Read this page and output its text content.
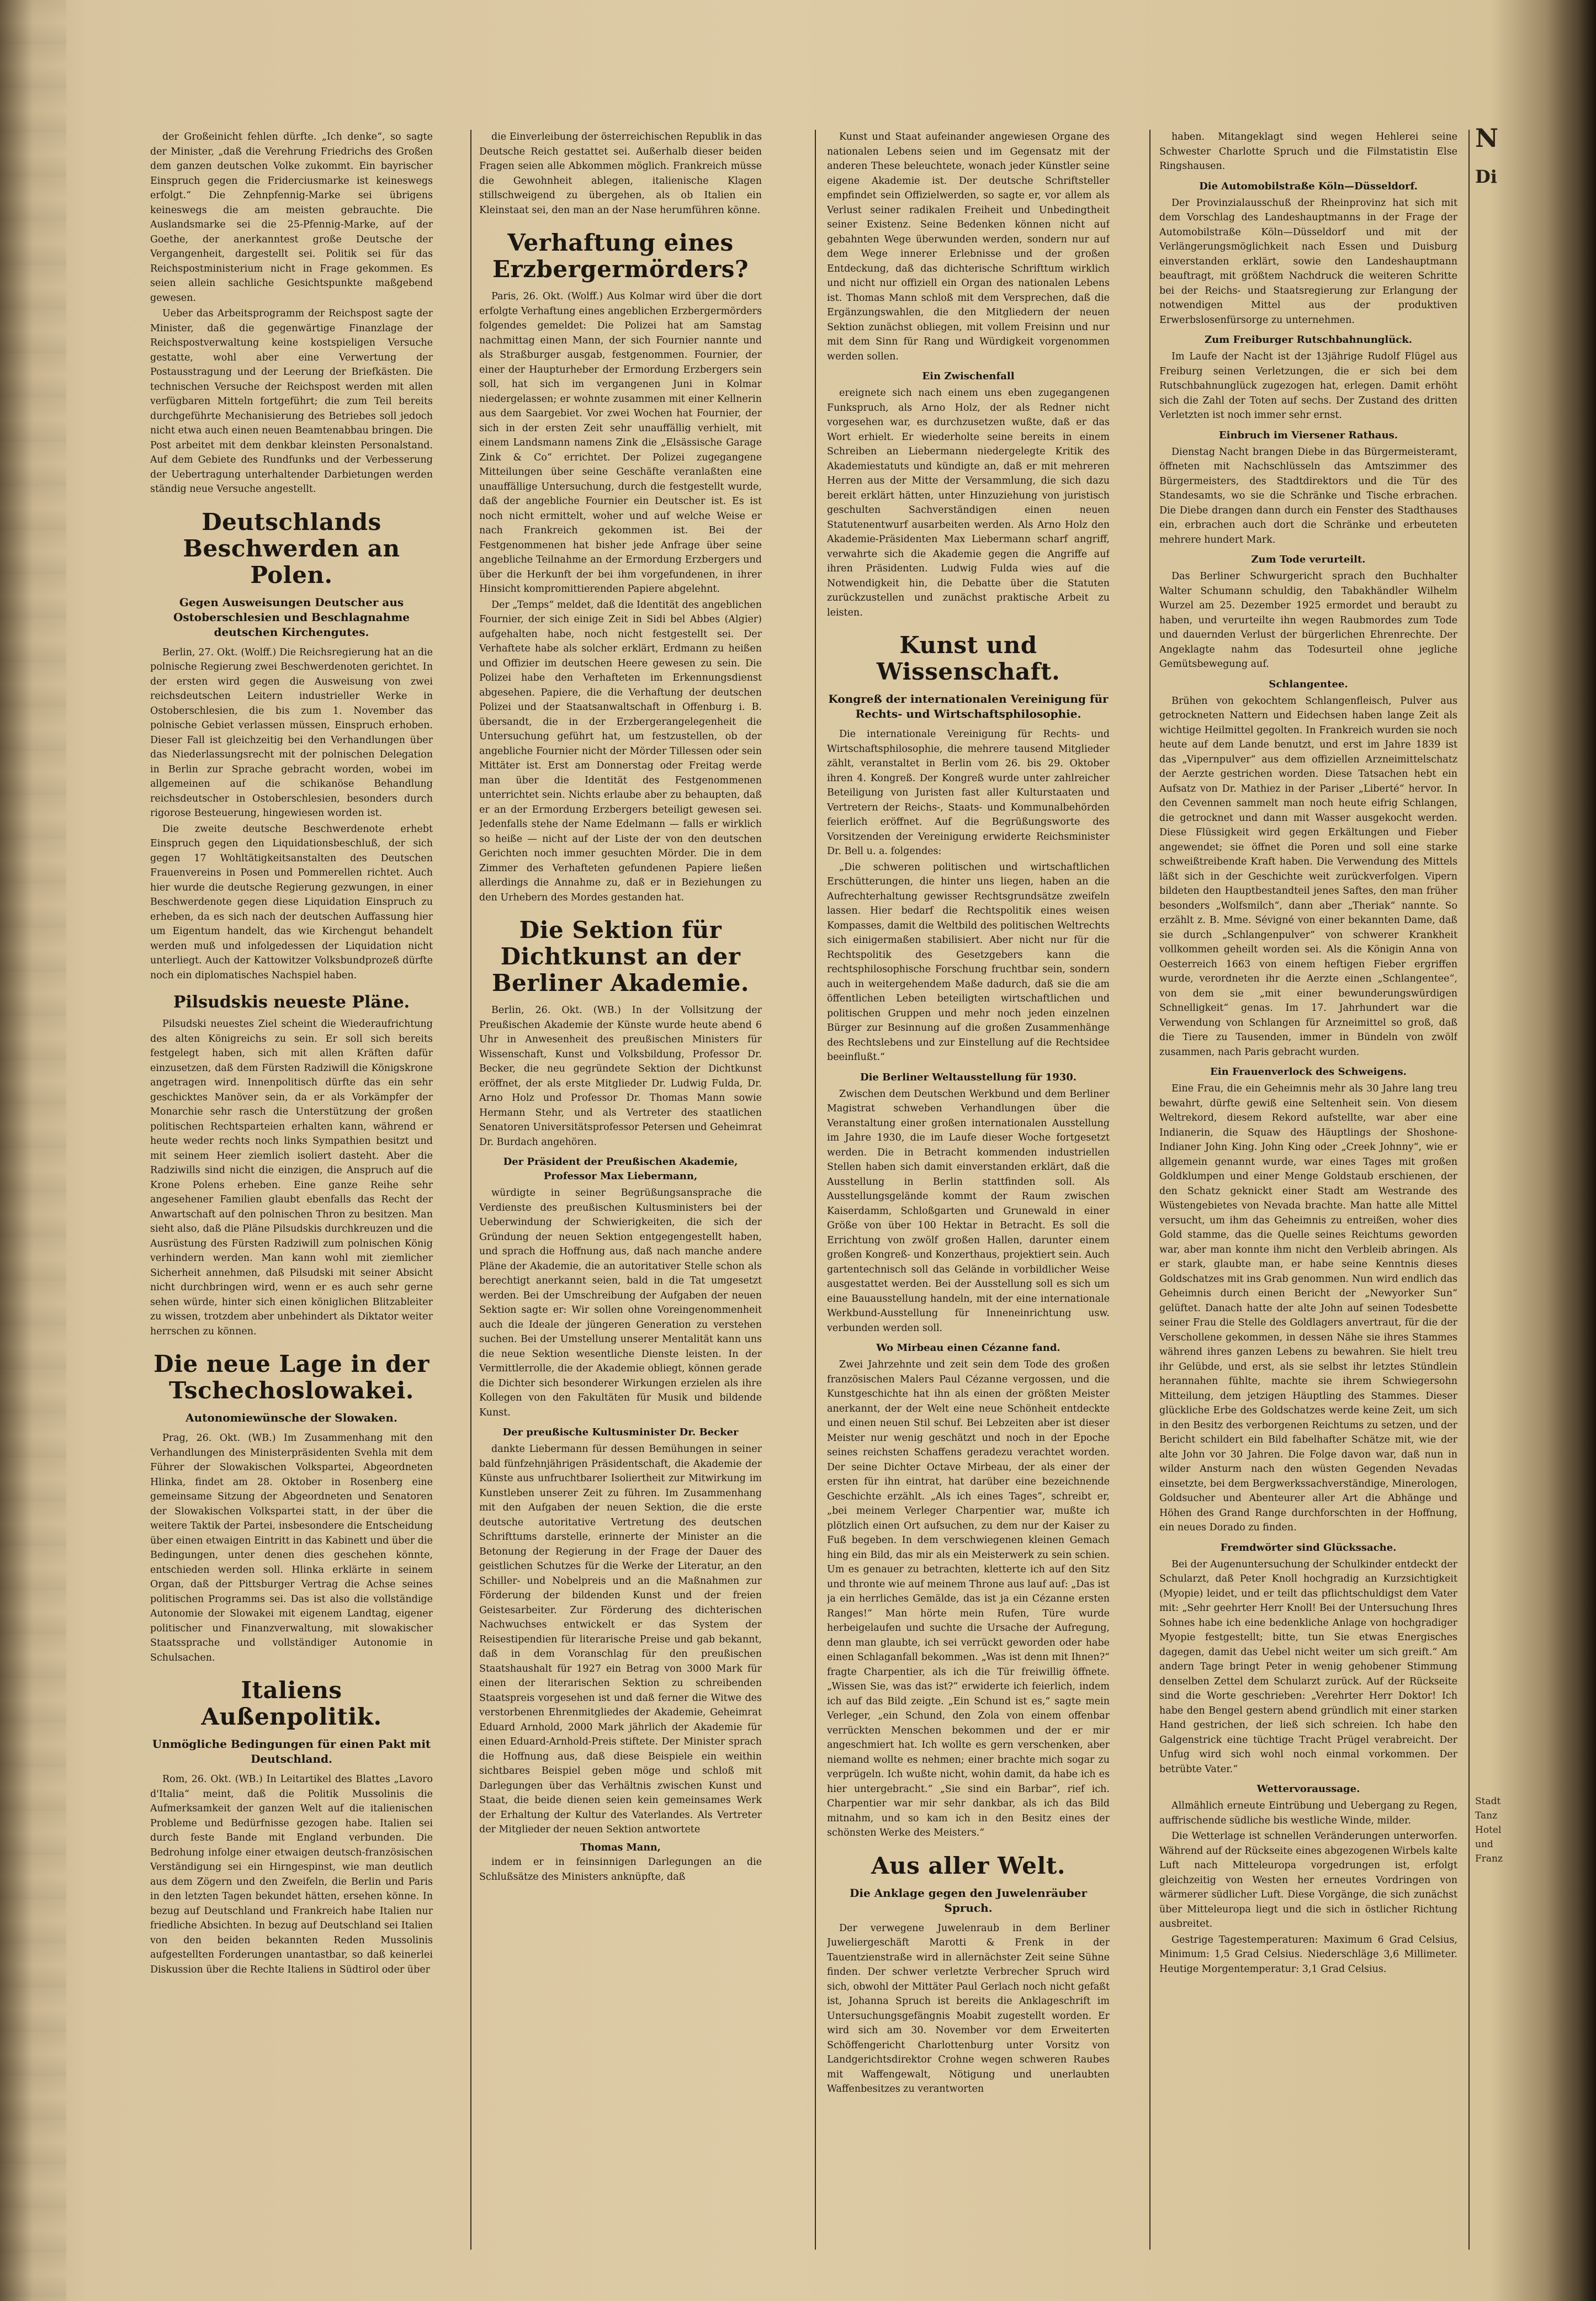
der Großeinicht fehlen dürfte. „Ich denke“, so sagte der Minister, „daß die Verehrung Friedrichs des Großen dem ganzen deutschen Volke zukommt. Ein bayrischer Einspruch gegen die Friderciusmarke ist keineswegs erfolgt.“ Die Zehnpfennig-Marke sei übrigens keineswegs die am meisten gebrauchte. Die Auslandsmarke sei die 25-Pfennig-Marke, auf der Goethe, der anerkanntest große Deutsche der Vergangenheit, dargestellt sei. Politik sei für das Reichspostministerium nicht in Frage gekommen. Es seien allein sachliche Gesichtspunkte maßgebend gewesen.

Ueber das Arbeitsprogramm der Reichspost sagte der Minister, daß die gegenwärtige Finanzlage der Reichspostverwaltung keine kostspieligen Versuche gestatte, wohl aber eine Verwertung der Postausstragung und der Leerung der Briefkästen. Die technischen Versuche der Reichspost werden mit allen verfügbaren Mitteln fortgeführt; die zum Teil bereits durchgeführte Mechanisierung des Betriebes soll jedoch nicht etwa auch einen neuen Beamtenabbau bringen. Die Post arbeitet mit dem denkbar kleinsten Personalstand. Auf dem Gebiete des Rundfunks und der Verbesserung der Uebertragung unterhaltender Darbietungen werden ständig neue Versuche angestellt.

Deutschlands Beschwerden an Polen.
Gegen Ausweisungen Deutscher aus Ostoberschlesien und Beschlagnahme deutschen Kirchengutes.

Berlin, 27. Okt. (Wolff.) Die Reichsregierung hat an die polnische Regierung zwei Beschwerdenoten gerichtet. In der ersten wird gegen die Ausweisung von zwei reichsdeutschen Leitern industrieller Werke in Ostoberschlesien, die bis zum 1. November das polnische Gebiet verlassen müssen, Einspruch erhoben. Dieser Fall ist gleichzeitig bei den Verhandlungen über das Niederlassungsrecht mit der polnischen Delegation in Berlin zur Sprache gebracht worden, wobei im allgemeinen auf die schikanöse Behandlung reichsdeutscher in Ostoberschlesien, besonders durch rigorose Besteuerung, hingewiesen worden ist.

Die zweite deutsche Beschwerdenote erhebt Einspruch gegen den Liquidationsbeschluß, der sich gegen 17 Wohltätigkeitsanstalten des Deutschen Frauenvereins in Posen und Pommerellen richtet. Auch hier wurde die deutsche Regierung gezwungen, in einer Beschwerdenote gegen diese Liquidation Einspruch zu erheben, da es sich nach der deutschen Auffassung hier um Eigentum handelt, das wie Kirchengut behandelt werden muß und infolgedessen der Liquidation nicht unterliegt. Auch der Kattowitzer Volksbundprozeß dürfte noch ein diplomatisches Nachspiel haben.

Pilsudskis neueste Pläne.

Pilsudski neuestes Ziel scheint die Wiederaufrichtung des alten Königreichs zu sein. Er soll sich bereits festgelegt haben, sich mit allen Kräften dafür einzusetzen, daß dem Fürsten Radziwill die Königskrone angetragen wird. Innenpolitisch dürfte das ein sehr geschicktes Manöver sein, da er als Vorkämpfer der Monarchie sehr rasch die Unterstützung der großen politischen Rechtsparteien erhalten kann, während er heute weder rechts noch links Sympathien besitzt und mit seinem Heer ziemlich isoliert dasteht. Aber die Radziwills sind nicht die einzigen, die Anspruch auf die Krone Polens erheben. Eine ganze Reihe sehr angesehener Familien glaubt ebenfalls das Recht der Anwartschaft auf den polnischen Thron zu besitzen. Man sieht also, daß die Pläne Pilsudskis durchkreuzen und die Ausrüstung des Fürsten Radziwill zum polnischen König verhindern werden. Man kann wohl mit ziemlicher Sicherheit annehmen, daß Pilsudski mit seiner Absicht nicht durchbringen wird, wenn er es auch sehr gerne sehen würde, hinter sich einen königlichen Blitzableiter zu wissen, trotzdem aber unbehindert als Diktator weiter herrschen zu können.

Die neue Lage in der Tschechoslowakei.
Autonomiewünsche der Slowaken.

Prag, 26. Okt. (WB.) Im Zusammenhang mit den Verhandlungen des Ministerpräsidenten Svehla mit dem Führer der Slowakischen Volkspartei, Abgeordneten Hlinka, findet am 28. Oktober in Rosenberg eine gemeinsame Sitzung der Abgeordneten und Senatoren der Slowakischen Volkspartei statt, in der über die weitere Taktik der Partei, insbesondere die Entscheidung über einen etwaigen Eintritt in das Kabinett und über die Bedingungen, unter denen dies geschehen könnte, entschieden werden soll. Hlinka erklärte in seinem Organ, daß der Pittsburger Vertrag die Achse seines politischen Programms sei. Das ist also die vollständige Autonomie der Slowakei mit eigenem Landtag, eigener politischer und Finanzverwaltung, mit slowakischer Staatssprache und vollständiger Autonomie in Schulsachen.

Italiens Außenpolitik.
Unmögliche Bedingungen für einen Pakt mit Deutschland.

Rom, 26. Okt. (WB.) In Leitartikel des Blattes „Lavoro d'Italia“ meint, daß die Politik Mussolinis die Aufmerksamkeit der ganzen Welt auf die italienischen Probleme und Bedürfnisse gezogen habe. Italien sei durch feste Bande mit England verbunden. Die Bedrohung infolge einer etwaigen deutsch-französischen Verständigung sei ein Hirngespinst, wie man deutlich aus dem Zögern und den Zweifeln, die Berlin und Paris in den letzten Tagen bekundet hätten, ersehen könne. In bezug auf Deutschland und Frankreich habe Italien nur friedliche Absichten. In bezug auf Deutschland sei Italien von den beiden bekannten Reden Mussolinis aufgestellten Forderungen unantastbar, so daß keinerlei Diskussion über die Rechte Italiens in Südtirol oder über

die Einverleibung der österreichischen Republik in das Deutsche Reich gestattet sei. Außerhalb dieser beiden Fragen seien alle Abkommen möglich. Frankreich müsse die Gewohnheit ablegen, italienische Klagen stillschweigend zu übergehen, als ob Italien ein Kleinstaat sei, den man an der Nase herumführen könne.

Verhaftung eines Erzbergermörders?

Paris, 26. Okt. (Wolff.) Aus Kolmar wird über die dort erfolgte Verhaftung eines angeblichen Erzbergermörders folgendes gemeldet: Die Polizei hat am Samstag nachmittag einen Mann, der sich Fournier nannte und als Straßburger ausgab, festgenommen. Fournier, der einer der Haupturheber der Ermordung Erzbergers sein soll, hat sich im vergangenen Juni in Kolmar niedergelassen; er wohnte zusammen mit einer Kellnerin aus dem Saargebiet. Vor zwei Wochen hat Fournier, der sich in der ersten Zeit sehr unauffällig verhielt, mit einem Landsmann namens Zink die „Elsässische Garage Zink & Co“ errichtet. Der Polizei zugegangene Mitteilungen über seine Geschäfte veranlaßten eine unauffällige Untersuchung, durch die festgestellt wurde, daß der angebliche Fournier ein Deutscher ist. Es ist noch nicht ermittelt, woher und auf welche Weise er nach Frankreich gekommen ist. Bei der Festgenommenen hat bisher jede Anfrage über seine angebliche Teilnahme an der Ermordung Erzbergers und über die Herkunft der bei ihm vorgefundenen, in ihrer Hinsicht kompromittierenden Papiere abgelehnt.

Der „Temps“ meldet, daß die Identität des angeblichen Fournier, der sich einige Zeit in Sidi bel Abbes (Algier) aufgehalten habe, noch nicht festgestellt sei. Der Verhaftete habe als solcher erklärt, Erdmann zu heißen und Offizier im deutschen Heere gewesen zu sein. Die Polizei habe den Verhafteten im Erkennungsdienst abgesehen. Papiere, die die Verhaftung der deutschen Polizei und der Staatsanwaltschaft in Offenburg i. B. übersandt, die in der Erzbergerangelegenheit die Untersuchung geführt hat, um festzustellen, ob der angebliche Fournier nicht der Mörder Tillessen oder sein Mittäter ist. Erst am Donnerstag oder Freitag werde man über die Identität des Festgenommenen unterrichtet sein. Nichts erlaube aber zu behaupten, daß er an der Ermordung Erzbergers beteiligt gewesen sei. Jedenfalls stehe der Name Edelmann — falls er wirklich so heiße — nicht auf der Liste der von den deutschen Gerichten noch immer gesuchten Mörder. Die in dem Zimmer des Verhafteten gefundenen Papiere ließen allerdings die Annahme zu, daß er in Beziehungen zu den Urhebern des Mordes gestanden hat.

Die Sektion für Dichtkunst an der Berliner Akademie.

Berlin, 26. Okt. (WB.) In der Vollsitzung der Preußischen Akademie der Künste wurde heute abend 6 Uhr in Anwesenheit des preußischen Ministers für Wissenschaft, Kunst und Volksbildung, Professor Dr. Becker, die neu gegründete Sektion der Dichtkunst eröffnet, der als erste Mitglieder Dr. Ludwig Fulda, Dr. Arno Holz und Professor Dr. Thomas Mann sowie Hermann Stehr, und als Vertreter des staatlichen Senatoren Universitätsprofessor Petersen und Geheimrat Dr. Burdach angehören.

Der Präsident der Preußischen Akademie, Professor Max Liebermann,

würdigte in seiner Begrüßungsansprache die Verdienste des preußischen Kultusministers bei der Ueberwindung der Schwierigkeiten, die sich der Gründung der neuen Sektion entgegengestellt haben, und sprach die Hoffnung aus, daß nach manche andere Pläne der Akademie, die an autoritativer Stelle schon als berechtigt anerkannt seien, bald in die Tat umgesetzt werden. Bei der Umschreibung der Aufgaben der neuen Sektion sagte er: Wir sollen ohne Voreingenommenheit auch die Ideale der jüngeren Generation zu verstehen suchen. Bei der Umstellung unserer Mentalität kann uns die neue Sektion wesentliche Dienste leisten. In der Vermittlerrolle, die der Akademie obliegt, können gerade die Dichter sich besonderer Wirkungen erzielen als ihre Kollegen von den Fakultäten für Musik und bildende Kunst.

Der preußische Kultusminister Dr. Becker

dankte Liebermann für dessen Bemühungen in seiner bald fünfzehnjährigen Präsidentschaft, die Akademie der Künste aus unfruchtbarer Isoliertheit zur Mitwirkung im Kunstleben unserer Zeit zu führen. Im Zusammenhang mit den Aufgaben der neuen Sektion, die die erste deutsche autoritative Vertretung des deutschen Schrifttums darstelle, erinnerte der Minister an die Betonung der Regierung in der Frage der Dauer des geistlichen Schutzes für die Werke der Literatur, an den Schiller- und Nobelpreis und an die Maßnahmen zur Förderung der bildenden Kunst und der freien Geistesarbeiter. Zur Förderung des dichterischen Nachwuchses entwickelt er das System der Reisestipendien für literarische Preise und gab bekannt, daß in dem Voranschlag für den preußischen Staatshaushalt für 1927 ein Betrag von 3000 Mark für einen der literarischen Sektion zu schreibenden Staatspreis vorgesehen ist und daß ferner die Witwe des verstorbenen Ehrenmitgliedes der Akademie, Geheimrat Eduard Arnhold, 2000 Mark jährlich der Akademie für einen Eduard-Arnhold-Preis stiftete. Der Minister sprach die Hoffnung aus, daß diese Beispiele ein weithin sichtbares Beispiel geben möge und schloß mit Darlegungen über das Verhältnis zwischen Kunst und Staat, die beide dienen seien kein gemeinsames Werk der Erhaltung der Kultur des Vaterlandes. Als Vertreter der Mitglieder der neuen Sektion antwortete

Thomas Mann,

indem er in feinsinnigen Darlegungen an die Schlußsätze des Ministers anknüpfte, daß

Kunst und Staat aufeinander angewiesen Organe des nationalen Lebens seien und im Gegensatz mit der anderen These beleuchtete, wonach jeder Künstler seine eigene Akademie ist. Der deutsche Schriftsteller empfindet sein Offizielwerden, so sagte er, vor allem als Verlust seiner radikalen Freiheit und Unbedingtheit seiner Existenz. Seine Bedenken können nicht auf gebahnten Wege überwunden werden, sondern nur auf dem Wege innerer Erlebnisse und der großen Entdeckung, daß das dichterische Schrifttum wirklich und nicht nur offiziell ein Organ des nationalen Lebens ist. Thomas Mann schloß mit dem Versprechen, daß die Ergänzungswahlen, die den Mitgliedern der neuen Sektion zunächst obliegen, mit vollem Freisinn und nur mit dem Sinn für Rang und Würdigkeit vorgenommen werden sollen.

Ein Zwischenfall

ereignete sich nach einem uns eben zugegangenen Funkspruch, als Arno Holz, der als Redner nicht vorgesehen war, es durchzusetzen wußte, daß er das Wort erhielt. Er wiederholte seine bereits in einem Schreiben an Liebermann niedergelegte Kritik des Akademiestatuts und kündigte an, daß er mit mehreren Herren aus der Mitte der Versammlung, die sich dazu bereit erklärt hätten, unter Hinzuziehung von juristisch geschulten Sachverständigen einen neuen Statutenentwurf ausarbeiten werden. Als Arno Holz den Akademie-Präsidenten Max Liebermann scharf angriff, verwahrte sich die Akademie gegen die Angriffe auf ihren Präsidenten. Ludwig Fulda wies auf die Notwendigkeit hin, die Debatte über die Statuten zurückzustellen und zunächst praktische Arbeit zu leisten.

Kunst und Wissenschaft.
Kongreß der internationalen Vereinigung für Rechts- und Wirtschaftsphilosophie.

Die internationale Vereinigung für Rechts- und Wirtschaftsphilosophie, die mehrere tausend Mitglieder zählt, veranstaltet in Berlin vom 26. bis 29. Oktober ihren 4. Kongreß. Der Kongreß wurde unter zahlreicher Beteiligung von Juristen fast aller Kulturstaaten und Vertretern der Reichs-, Staats- und Kommunalbehörden feierlich eröffnet. Auf die Begrüßungsworte des Vorsitzenden der Vereinigung erwiderte Reichsminister Dr. Bell u. a. folgendes:

„Die schweren politischen und wirtschaftlichen Erschütterungen, die hinter uns liegen, haben an die Aufrechterhaltung gewisser Rechtsgrundsätze zweifeln lassen. Hier bedarf die Rechtspolitik eines weisen Kompasses, damit die Weltbild des politischen Weltrechts sich einigermaßen stabilisiert. Aber nicht nur für die Rechtspolitik des Gesetzgebers kann die rechtsphilosophische Forschung fruchtbar sein, sondern auch in weitergehendem Maße dadurch, daß sie die am öffentlichen Leben beteiligten wirtschaftlichen und politischen Gruppen und mehr noch jeden einzelnen Bürger zur Besinnung auf die großen Zusammenhänge des Rechtslebens und zur Einstellung auf die Rechtsidee beeinflußt.“

Die Berliner Weltausstellung für 1930.

Zwischen dem Deutschen Werkbund und dem Berliner Magistrat schweben Verhandlungen über die Veranstaltung einer großen internationalen Ausstellung im Jahre 1930, die im Laufe dieser Woche fortgesetzt werden. Die in Betracht kommenden industriellen Stellen haben sich damit einverstanden erklärt, daß die Ausstellung in Berlin stattfinden soll. Als Ausstellungsgelände kommt der Raum zwischen Kaiserdamm, Schloßgarten und Grunewald in einer Größe von über 100 Hektar in Betracht. Es soll die Errichtung von zwölf großen Hallen, darunter einem großen Kongreß- und Konzerthaus, projektiert sein. Auch gartentechnisch soll das Gelände in vorbildlicher Weise ausgestattet werden. Bei der Ausstellung soll es sich um eine Bauausstellung handeln, mit der eine internationale Werkbund-Ausstellung für Inneneinrichtung usw. verbunden werden soll.

Wo Mirbeau einen Cézanne fand.

Zwei Jahrzehnte und zeit sein dem Tode des großen französischen Malers Paul Cézanne vergossen, und die Kunstgeschichte hat ihn als einen der größten Meister anerkannt, der der Welt eine neue Schönheit entdeckte und einen neuen Stil schuf. Bei Lebzeiten aber ist dieser Meister nur wenig geschätzt und noch in der Epoche seines reichsten Schaffens geradezu verachtet worden. Der seine Dichter Octave Mirbeau, der als einer der ersten für ihn eintrat, hat darüber eine bezeichnende Geschichte erzählt. „Als ich eines Tages“, schreibt er, „bei meinem Verleger Charpentier war, mußte ich plötzlich einen Ort aufsuchen, zu dem nur der Kaiser zu Fuß begeben. In dem verschwiegenen kleinen Gemach hing ein Bild, das mir als ein Meisterwerk zu sein schien. Um es genauer zu betrachten, kletterte ich auf den Sitz und thronte wie auf meinem Throne aus lauf auf: „Das ist ja ein herrliches Gemälde, das ist ja ein Cézanne ersten Ranges!“ Man hörte mein Rufen, Türe wurde herbeigelaufen und suchte die Ursache der Aufregung, denn man glaubte, ich sei verrückt geworden oder habe einen Schlaganfall bekommen. „Was ist denn mit Ihnen?“ fragte Charpentier, als ich die Tür freiwillig öffnete. „Wissen Sie, was das ist?“ erwiderte ich feierlich, indem ich auf das Bild zeigte. „Ein Schund ist es,“ sagte mein Verleger, „ein Schund, den Zola von einem offenbar verrückten Menschen bekommen und der er mir angeschmiert hat. Ich wollte es gern verschenken, aber niemand wollte es nehmen; einer brachte mich sogar zu verprügeln. Ich wußte nicht, wohin damit, da habe ich es hier untergebracht.“ „Sie sind ein Barbar“, rief ich. Charpentier war mir sehr dankbar, als ich das Bild mitnahm, und so kam ich in den Besitz eines der schönsten Werke des Meisters.“

Aus aller Welt.
Die Anklage gegen den Juwelenräuber Spruch.

Der verwegene Juwelenraub in dem Berliner Juweliergeschäft Marotti & Frenk in der Tauentzienstraße wird in allernächster Zeit seine Sühne finden. Der schwer verletzte Verbrecher Spruch wird sich, obwohl der Mittäter Paul Gerlach noch nicht gefaßt ist, Johanna Spruch ist bereits die Anklageschrift im Untersuchungsgefängnis Moabit zugestellt worden. Er wird sich am 30. November vor dem Erweiterten Schöffengericht Charlottenburg unter Vorsitz von Landgerichtsdirektor Crohne wegen schweren Raubes mit Waffengewalt, Nötigung und unerlaubten Waffenbesitzes zu verantworten

haben. Mitangeklagt sind wegen Hehlerei seine Schwester Charlotte Spruch und die Filmstatistin Else Ringshausen.

Die Automobilstraße Köln—Düsseldorf.

Der Provinzialausschuß der Rheinprovinz hat sich mit dem Vorschlag des Landeshauptmanns in der Frage der Automobilstraße Köln—Düsseldorf und mit der Verlängerungsmöglichkeit nach Essen und Duisburg einverstanden erklärt, sowie den Landeshauptmann beauftragt, mit größtem Nachdruck die weiteren Schritte bei der Reichs- und Staatsregierung zur Erlangung der notwendigen Mittel aus der produktiven Erwerbslosenfürsorge zu unternehmen.

Zum Freiburger Rutschbahnunglück.

Im Laufe der Nacht ist der 13jährige Rudolf Flügel aus Freiburg seinen Verletzungen, die er sich bei dem Rutschbahnunglück zugezogen hat, erlegen. Damit erhöht sich die Zahl der Toten auf sechs. Der Zustand des dritten Verletzten ist noch immer sehr ernst.

Einbruch im Viersener Rathaus.

Dienstag Nacht brangen Diebe in das Bürgermeisteramt, öffneten mit Nachschlüsseln das Amtszimmer des Bürgermeisters, des Stadtdirektors und die Tür des Standesamts, wo sie die Schränke und Tische erbrachen. Die Diebe drangen dann durch ein Fenster des Stadthauses ein, erbrachen auch dort die Schränke und erbeuteten mehrere hundert Mark.

Zum Tode verurteilt.

Das Berliner Schwurgericht sprach den Buchhalter Walter Schumann schuldig, den Tabakhändler Wilhelm Wurzel am 25. Dezember 1925 ermordet und beraubt zu haben, und verurteilte ihn wegen Raubmordes zum Tode und dauernden Verlust der bürgerlichen Ehrenrechte. Der Angeklagte nahm das Todesurteil ohne jegliche Gemütsbewegung auf.

Schlangentee.

Brühen von gekochtem Schlangenfleisch, Pulver aus getrockneten Nattern und Eidechsen haben lange Zeit als wichtige Heilmittel gegolten. In Frankreich wurden sie noch heute auf dem Lande benutzt, und erst im Jahre 1839 ist das „Vipernpulver“ aus dem offiziellen Arzneimittelschatz der Aerzte gestrichen worden. Diese Tatsachen hebt ein Aufsatz von Dr. Mathiez in der Pariser „Liberté“ hervor. In den Cevennen sammelt man noch heute eifrig Schlangen, die getrocknet und dann mit Wasser ausgekocht werden. Diese Flüssigkeit wird gegen Erkältungen und Fieber angewendet; sie öffnet die Poren und soll eine starke schweißtreibende Kraft haben. Die Verwendung des Mittels läßt sich in der Geschichte weit zurückverfolgen. Vipern bildeten den Hauptbestandteil jenes Saftes, den man früher besonders „Wolfsmilch“, dann aber „Theriak“ nannte. So erzählt z. B. Mme. Sévigné von einer bekannten Dame, daß sie durch „Schlangenpulver“ von schwerer Krankheit vollkommen geheilt worden sei. Als die Königin Anna von Oesterreich 1663 von einem heftigen Fieber ergriffen wurde, verordneten ihr die Aerzte einen „Schlangentee“, von dem sie „mit einer bewunderungswürdigen Schnelligkeit“ genas. Im 17. Jahrhundert war die Verwendung von Schlangen für Arzneimittel so groß, daß die Tiere zu Tausenden, immer in Bündeln von zwölf zusammen, nach Paris gebracht wurden.

Ein Frauenverlock des Schweigens.

Eine Frau, die ein Geheimnis mehr als 30 Jahre lang treu bewahrt, dürfte gewiß eine Seltenheit sein. Von diesem Weltrekord, diesem Rekord aufstellte, war aber eine Indianerin, die Squaw des Häuptlings der Shoshone-Indianer John King. John King oder „Creek Johnny“, wie er allgemein genannt wurde, war eines Tages mit großen Goldklumpen und einer Menge Goldstaub erschienen, der den Schatz geknickt einer Stadt am Westrande des Wüstengebietes von Nevada brachte. Man hatte alle Mittel versucht, um ihm das Geheimnis zu entreißen, woher dies Gold stamme, das die Quelle seines Reichtums geworden war, aber man konnte ihm nicht den Verbleib abringen. Als er stark, glaubte man, er habe seine Kenntnis dieses Goldschatzes mit ins Grab genommen. Nun wird endlich das Geheimnis durch einen Bericht der „Newyorker Sun“ gelüftet. Danach hatte der alte John auf seinen Todesbette seiner Frau die Stelle des Goldlagers anvertraut, für die der Verschollene gekommen, in dessen Nähe sie ihres Stammes während ihres ganzen Lebens zu bewahren. Sie hielt treu ihr Gelübde, und erst, als sie selbst ihr letztes Stündlein herannahen fühlte, machte sie ihrem Schwiegersohn Mitteilung, dem jetzigen Häuptling des Stammes. Dieser glückliche Erbe des Goldschatzes werde keine Zeit, um sich in den Besitz des verborgenen Reichtums zu setzen, und der Bericht schildert ein Bild fabelhafter Schätze mit, wie der alte John vor 30 Jahren. Die Folge davon war, daß nun in wilder Ansturm nach den wüsten Gegenden Nevadas einsetzte, bei dem Bergwerkssachverständige, Minerologen, Goldsucher und Abenteurer aller Art die Abhänge und Höhen des Grand Range durchforschten in der Hoffnung, ein neues Dorado zu finden.

Fremdwörter sind Glückssache.

Bei der Augenuntersuchung der Schulkinder entdeckt der Schularzt, daß Peter Knoll hochgradig an Kurzsichtigkeit (Myopie) leidet, und er teilt das pflichtschuldigst dem Vater mit: „Sehr geehrter Herr Knoll! Bei der Untersuchung Ihres Sohnes habe ich eine bedenkliche Anlage von hochgradiger Myopie festgestellt; bitte, tun Sie etwas Energisches dagegen, damit das Uebel nicht weiter um sich greift.“ Am andern Tage bringt Peter in wenig gehobener Stimmung denselben Zettel dem Schularzt zurück. Auf der Rückseite sind die Worte geschrieben: „Verehrter Herr Doktor! Ich habe den Bengel gestern abend gründlich mit einer starken Hand gestrichen, der ließ sich schreien. Ich habe den Galgenstrick eine tüchtige Tracht Prügel verabreicht. Der Unfug wird sich wohl noch einmal vorkommen. Der betrübte Vater.“

Wettervoraussage.

Allmählich erneute Eintrübung und Uebergang zu Regen, auffrischende südliche bis westliche Winde, milder.

Die Wetterlage ist schnellen Veränderungen unterworfen. Während auf der Rückseite eines abgezogenen Wirbels kalte Luft nach Mitteleuropa vorgedrungen ist, erfolgt gleichzeitig von Westen her erneutes Vordringen von wärmerer südlicher Luft. Diese Vorgänge, die sich zunächst über Mitteleuropa liegt und die sich in östlicher Richtung ausbreitet.

Gestrige Tagestemperaturen: Maximum 6 Grad Celsius, Minimum: 1,5 Grad Celsius. Niederschläge 3,6 Millimeter. Heutige Morgentemperatur: 3,1 Grad Celsius.

N
Di
Stadt
Tanz
Hotel
und
Franz
